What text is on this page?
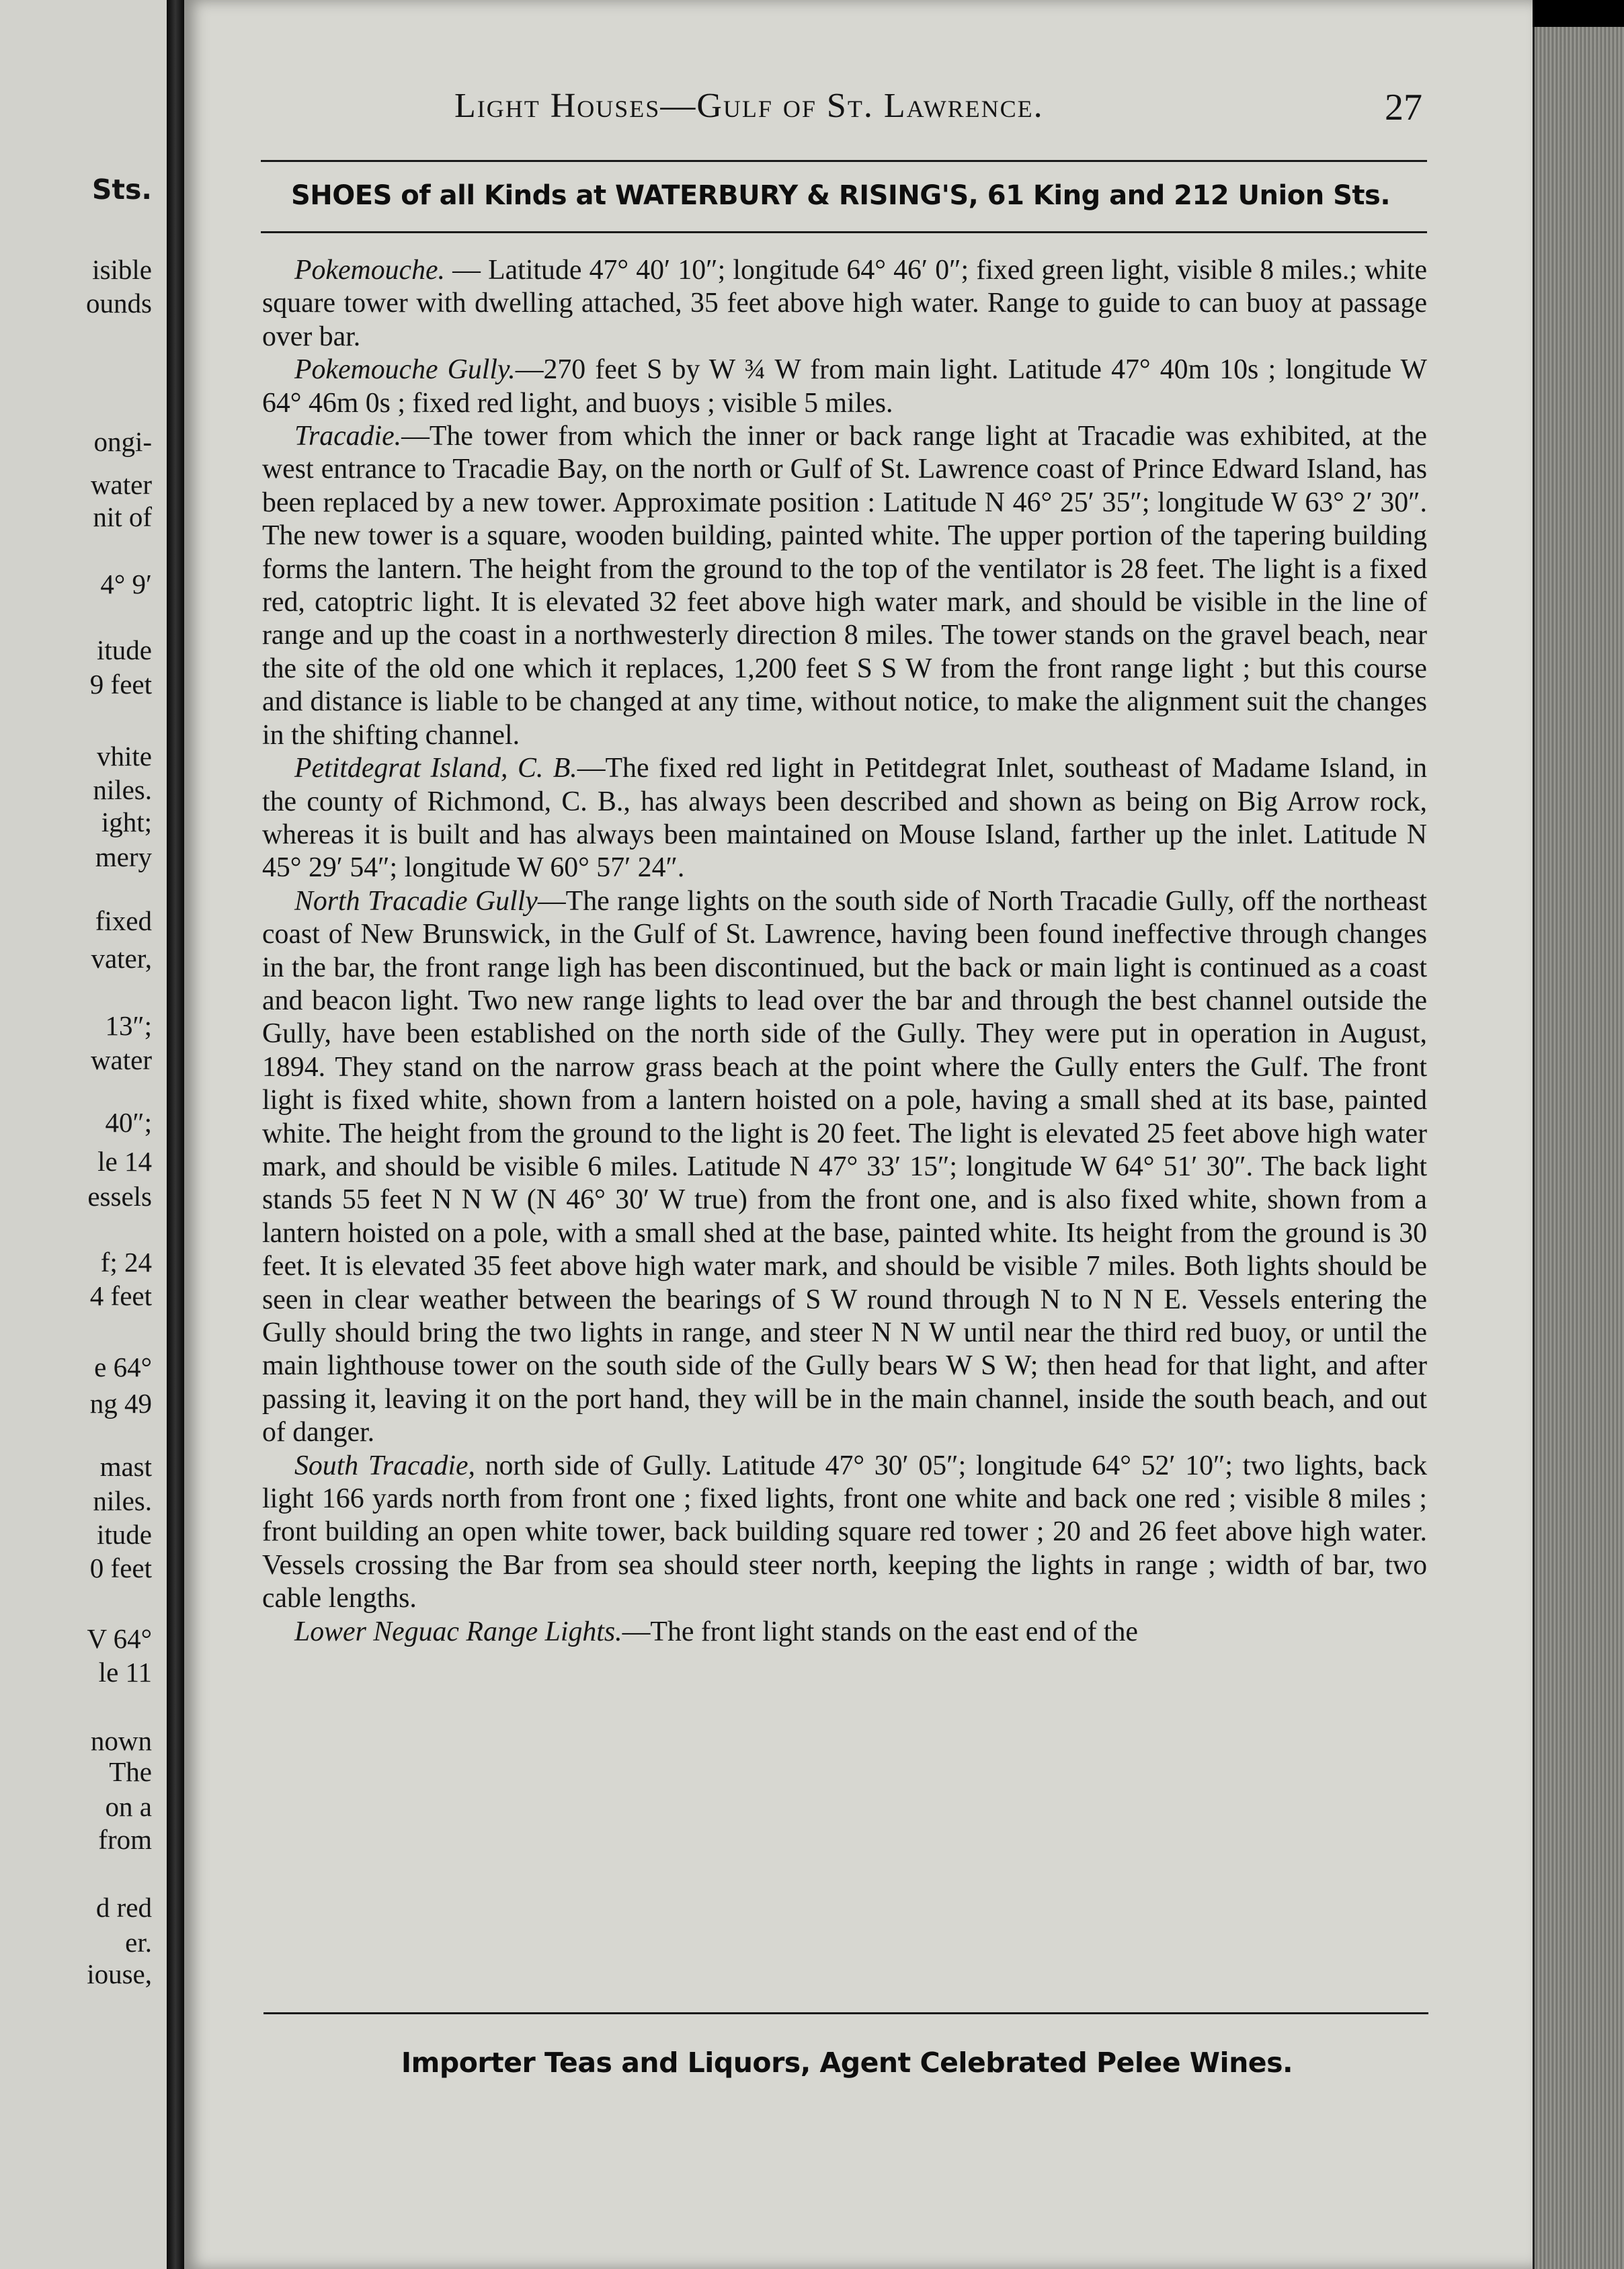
Sts.
isible
ounds
ongi-
water
nit of
4° 9′
itude
9 feet
vhite
niles.
ight;
mery
fixed
vater,
13″;
water
40″;
le 14
essels
f; 24
4 feet
e 64°
ng 49
mast
niles.
itude
0 feet
V 64°
le 11
nown
The
on a
from
d red
er.
iouse,
Light Houses—Gulf of St. Lawrence.	27
SHOES of all Kinds at WATERBURY & RISING'S, 61 King and 212 Union Sts.

Pokemouche. — Latitude 47° 40′ 10″; longitude 64° 46′ 0″; fixed green light, visible 8 miles.; white square tower with dwelling attached, 35 feet above high water. Range to guide to can buoy at passage over bar.

Pokemouche Gully.—270 feet S by W ¾ W from main light. Latitude 47° 40m 10s ; longitude W 64° 46m 0s ; fixed red light, and buoys ; visible 5 miles.

Tracadie.—The tower from which the inner or back range light at Tracadie was exhibited, at the west entrance to Tracadie Bay, on the north or Gulf of St. Lawrence coast of Prince Edward Island, has been replaced by a new tower. Approximate position : Latitude N 46° 25′ 35″; longitude W 63° 2′ 30″. The new tower is a square, wooden building, painted white. The upper portion of the tapering building forms the lantern. The height from the ground to the top of the ventilator is 28 feet. The light is a fixed red, catoptric light. It is elevated 32 feet above high water mark, and should be visible in the line of range and up the coast in a northwesterly direction 8 miles. The tower stands on the gravel beach, near the site of the old one which it replaces, 1,200 feet S S W from the front range light ; but this course and distance is liable to be changed at any time, without notice, to make the alignment suit the changes in the shifting channel.

Petitdegrat Island, C. B.—The fixed red light in Petitdegrat Inlet, southeast of Madame Island, in the county of Richmond, C. B., has always been described and shown as being on Big Arrow rock, whereas it is built and has always been maintained on Mouse Island, farther up the inlet. Latitude N 45° 29′ 54″; longitude W 60° 57′ 24″.

North Tracadie Gully—The range lights on the south side of North Tracadie Gully, off the northeast coast of New Brunswick, in the Gulf of St. Lawrence, having been found ineffective through changes in the bar, the front range ligh has been discontinued, but the back or main light is continued as a coast and beacon light. Two new range lights to lead over the bar and through the best channel outside the Gully, have been established on the north side of the Gully. They were put in operation in August, 1894. They stand on the narrow grass beach at the point where the Gully enters the Gulf. The front light is fixed white, shown from a lantern hoisted on a pole, having a small shed at its base, painted white. The height from the ground to the light is 20 feet. The light is elevated 25 feet above high water mark, and should be visible 6 miles. Latitude N 47° 33′ 15″; longitude W 64° 51′ 30″. The back light stands 55 feet N N W (N 46° 30′ W true) from the front one, and is also fixed white, shown from a lantern hoisted on a pole, with a small shed at the base, painted white. Its height from the ground is 30 feet. It is elevated 35 feet above high water mark, and should be visible 7 miles. Both lights should be seen in clear weather between the bearings of S W round through N to N N E. Vessels entering the Gully should bring the two lights in range, and steer N N W until near the third red buoy, or until the main lighthouse tower on the south side of the Gully bears W S W; then head for that light, and after passing it, leaving it on the port hand, they will be in the main channel, inside the south beach, and out of danger.

South Tracadie, north side of Gully. Latitude 47° 30′ 05″; longitude 64° 52′ 10″; two lights, back light 166 yards north from front one ; fixed lights, front one white and back one red ; visible 8 miles ; front building an open white tower, back building square red tower ; 20 and 26 feet above high water. Vessels crossing the Bar from sea should steer north, keeping the lights in range ; width of bar, two cable lengths.

Lower Neguac Range Lights.—The front light stands on the east end of the

Importer Teas and Liquors, Agent Celebrated Pelee Wines.
